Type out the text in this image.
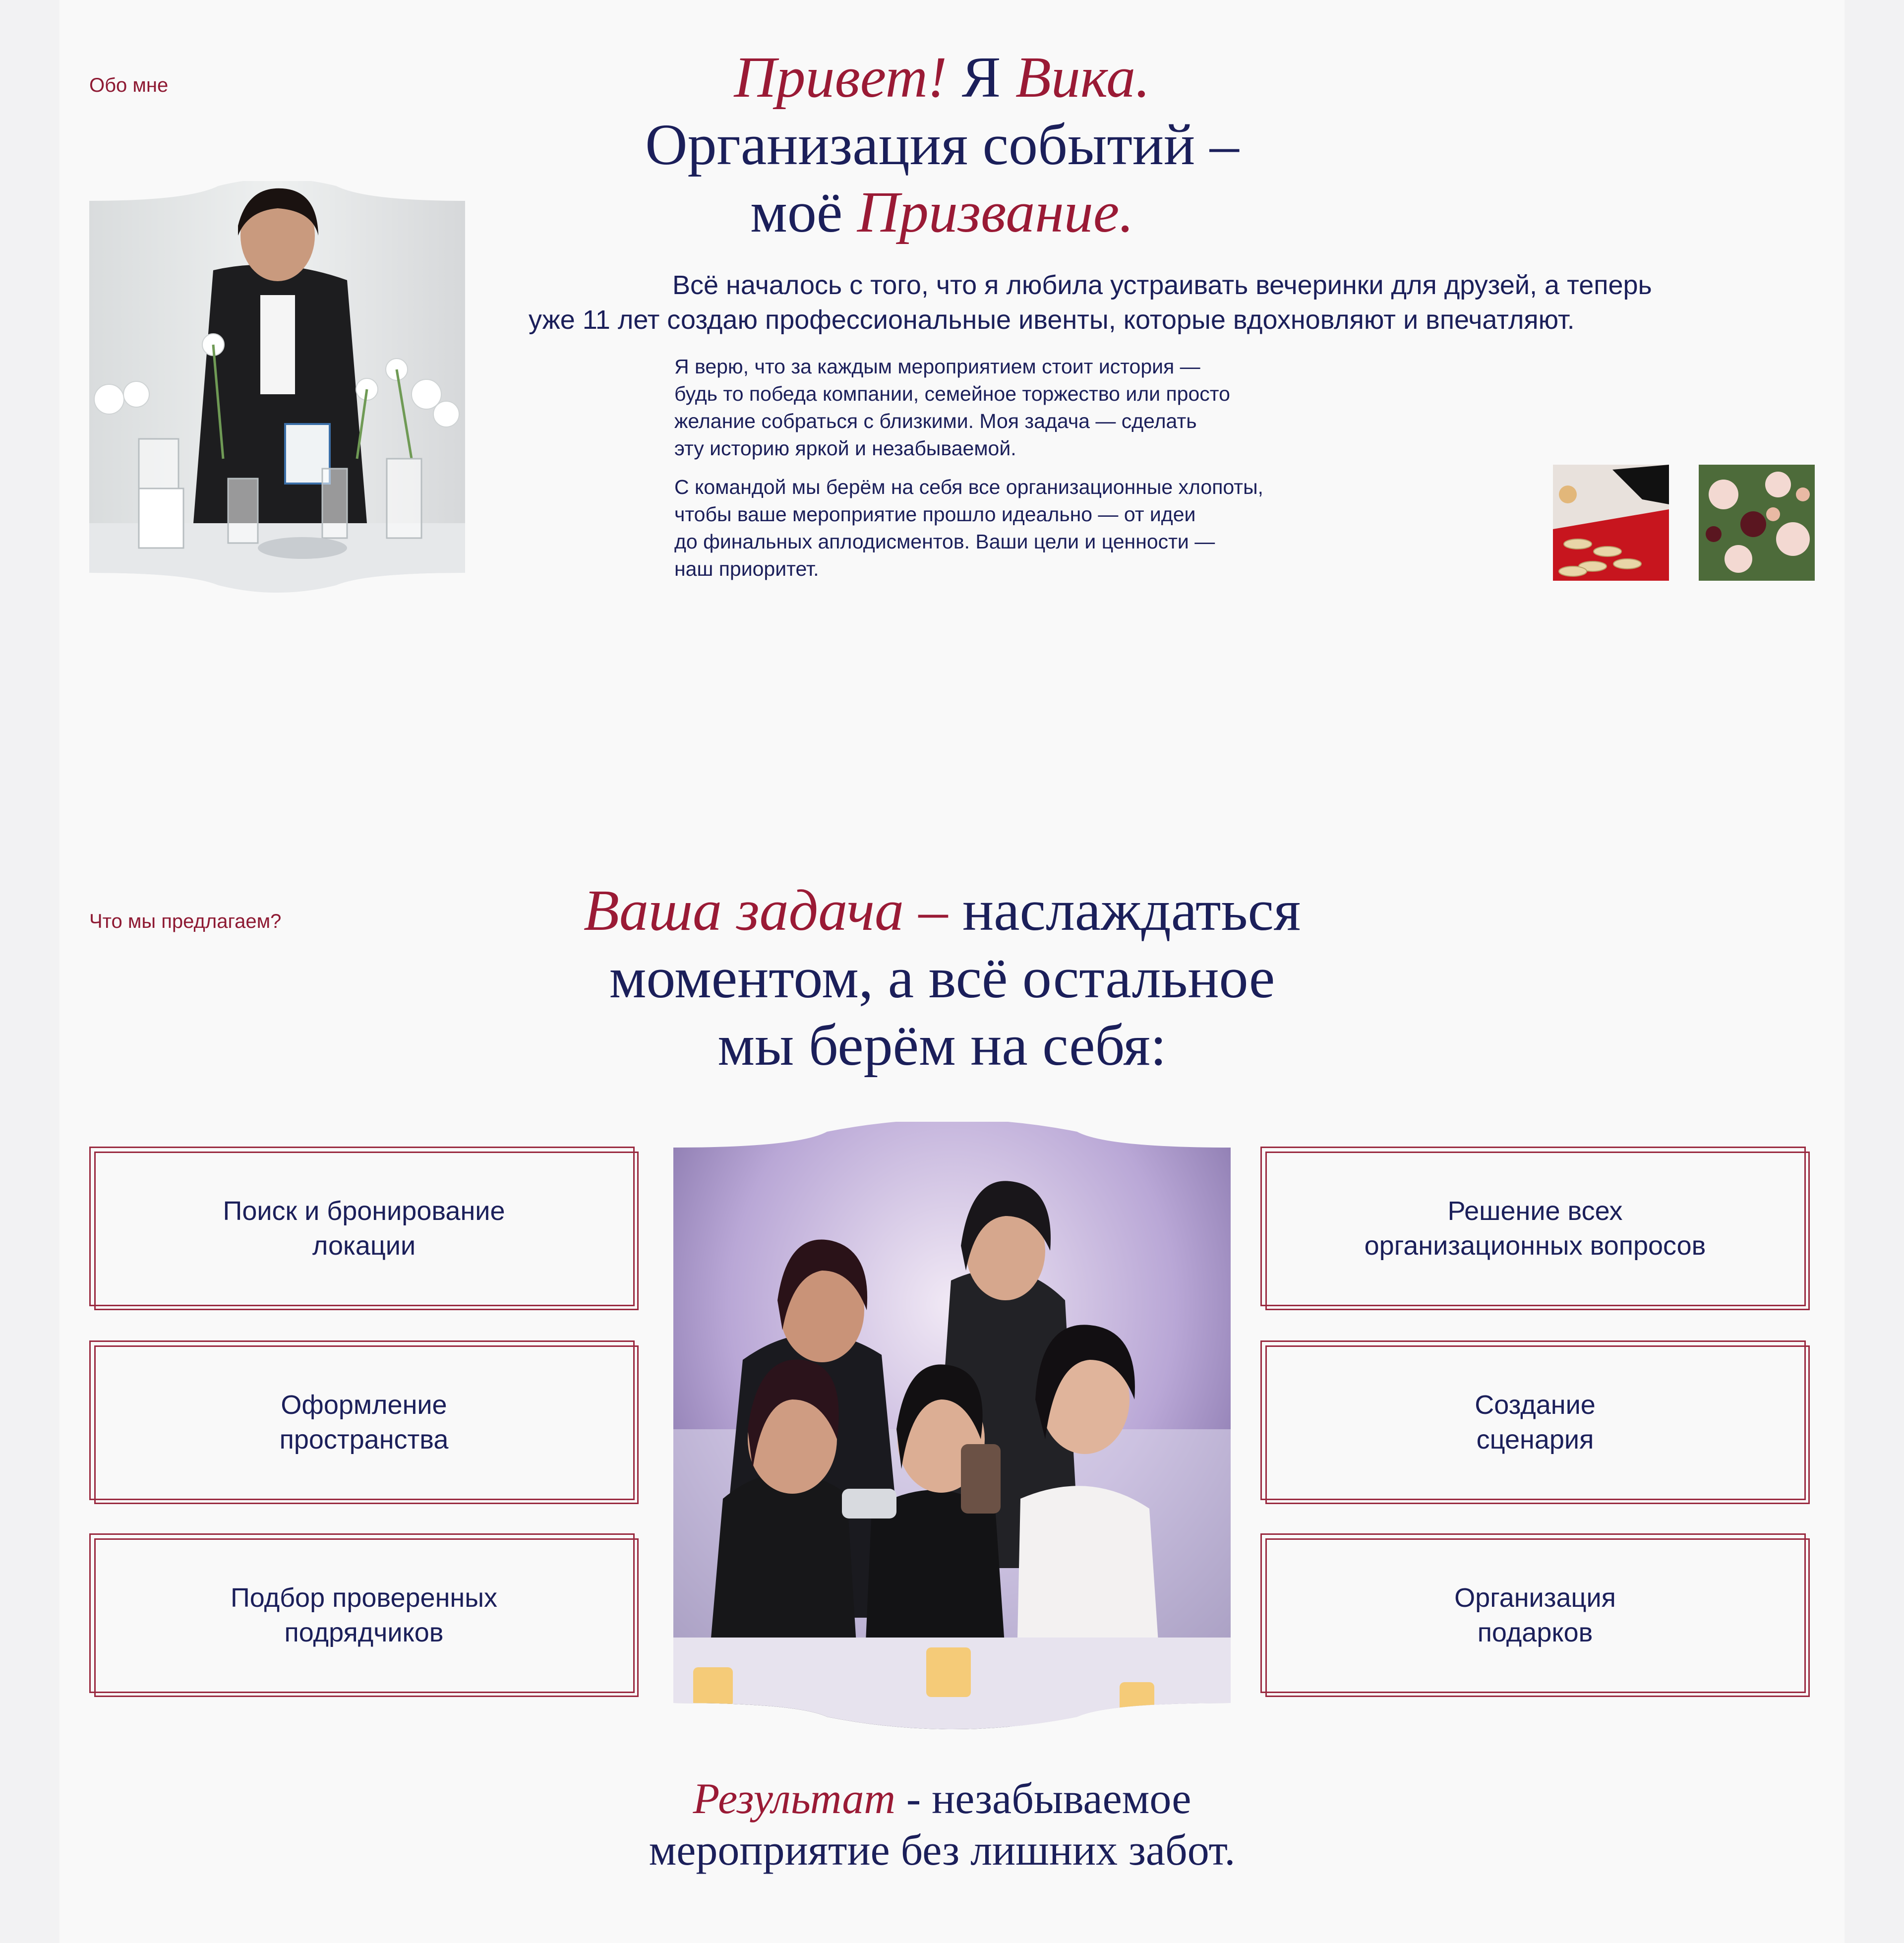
Обо мне	Привет! Я Вика.
Организация событий –
моё Призвание.

Всё началось с того, что я любила устраивать вечеринки для друзей, а теперь
уже 11 лет создаю профессиональные ивенты, которые вдохновляют и впечатляют.

Я верю, что за каждым мероприятием стоит история —
будь то победа компании, семейное торжество или просто
желание собраться с близкими. Моя задача — сделать
эту историю яркой и незабываемой.

С командой мы берём на себя все организационные хлопоты,
чтобы ваше мероприятие прошло идеально — от идеи
до финальных аплодисментов. Ваши цели и ценности —
наш приоритет.

Что мы предлагаем?	Ваша задача – наслаждаться
моментом, а всё остальное
мы берём на себя:
Поиск и бронирование
локации
Оформление
пространства
Подбор проверенных
подрядчиков
Решение всех
организационных вопросов
Создание
сценария
Организация
подарков

Результат - незабываемое
мероприятие без лишних забот.
